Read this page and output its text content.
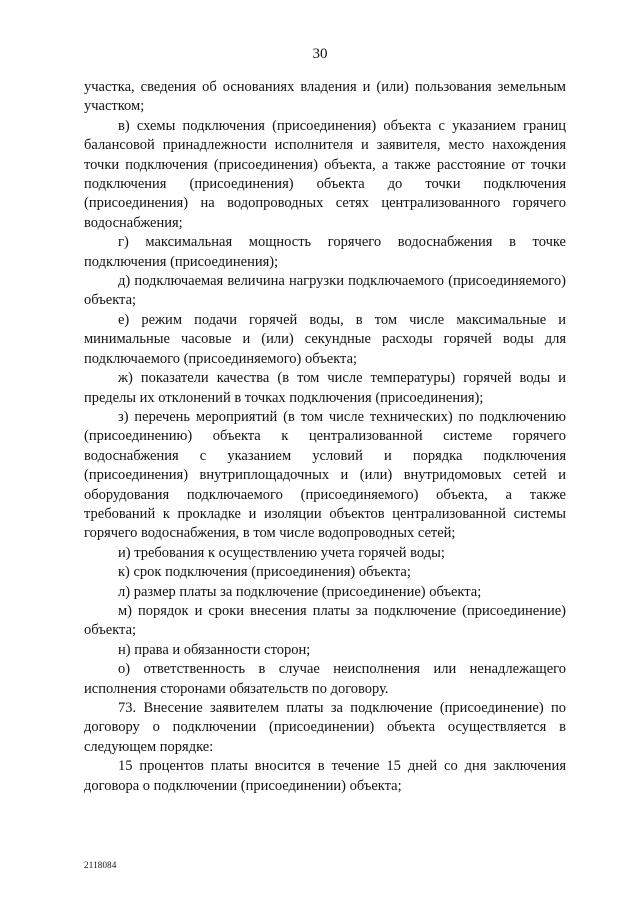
30

участка, сведения об основаниях владения и (или) пользования земельным участком;

в) схемы подключения (присоединения) объекта с указанием границ балансовой принадлежности исполнителя и заявителя, место нахождения точки подключения (присоединения) объекта, а также расстояние от точки подключения (присоединения) объекта до точки подключения (присоединения) на водопроводных сетях централизованного горячего водоснабжения;

г) максимальная мощность горячего водоснабжения в точке подключения (присоединения);

д) подключаемая величина нагрузки подключаемого (присоединяемого) объекта;

е) режим подачи горячей воды, в том числе максимальные и минимальные часовые и (или) секундные расходы горячей воды для подключаемого (присоединяемого) объекта;

ж) показатели качества (в том числе температуры) горячей воды и пределы их отклонений в точках подключения (присоединения);

з) перечень мероприятий (в том числе технических) по подключению (присоединению) объекта к централизованной системе горячего водоснабжения с указанием условий и порядка подключения (присоединения) внутриплощадочных и (или) внутридомовых сетей и оборудования подключаемого (присоединяемого) объекта, а также требований к прокладке и изоляции объектов централизованной системы горячего водоснабжения, в том числе водопроводных сетей;

и) требования к осуществлению учета горячей воды;

к) срок подключения (присоединения) объекта;

л) размер платы за подключение (присоединение) объекта;

м) порядок и сроки внесения платы за подключение (присоединение) объекта;

н) права и обязанности сторон;

о) ответственность в случае неисполнения или ненадлежащего исполнения сторонами обязательств по договору.

73. Внесение заявителем платы за подключение (присоединение) по договору о подключении (присоединении) объекта осуществляется в следующем порядке:

15 процентов платы вносится в течение 15 дней со дня заключения договора о подключении (присоединении) объекта;

2118084
